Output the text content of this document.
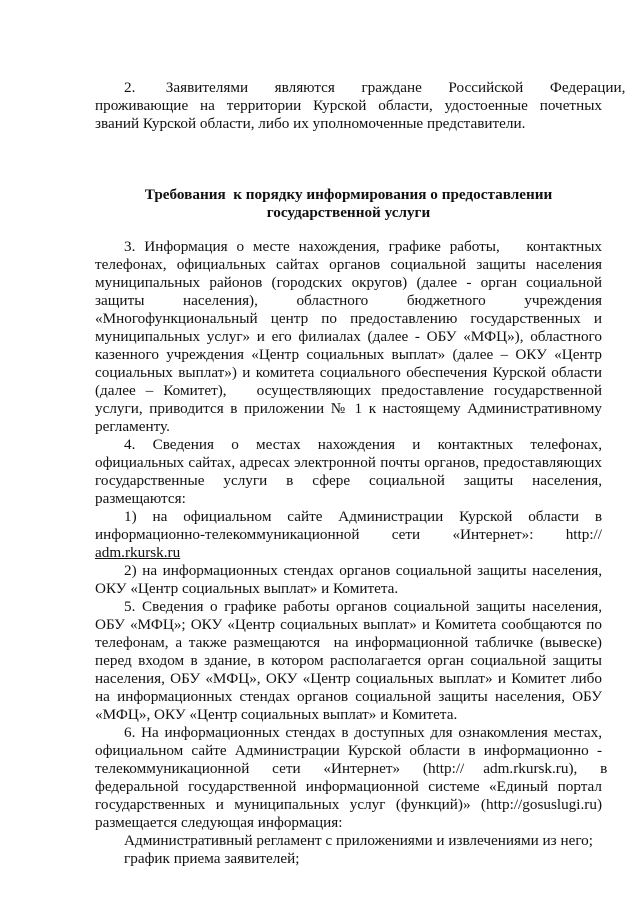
2.        Заявителями       являются       граждане       Российской       Федерации,
проживающие на территории Курской области, удостоенные почетных
званий Курской области, либо их уполномоченные представители.
Требования  к порядку информирования о предоставлении
государственной услуги
3. Информация о месте нахождения, графике работы,   контактных
телефонах, официальных сайтах органов социальной защиты населения
муниципальных районов (городских округов) (далее - орган социальной
защиты        населения),        областного        бюджетного        учреждения
«Многофункциональный центр по предоставлению государственных и
муниципальных услуг» и его филиалах (далее - ОБУ «МФЦ»), областного
казенного учреждения «Центр социальных выплат» (далее – ОКУ «Центр
социальных выплат») и комитета социального обеспечения Курской области
(далее – Комитет),   осуществляющих предоставление государственной
услуги, приводится в приложении № 1 к настоящему Административному
регламенту.
4.   Сведения   о   местах   нахождения   и   контактных   телефонах,
официальных сайтах, адресах электронной почты органов, предоставляющих
государственные    услуги    в    сфере    социальной    защиты    населения,
размещаются:
1)  на  официальном  сайте  Администрации  Курской  области  в
информационно-телекоммуникационной        сети        «Интернет»:        http://
adm.rkursk.ru
2) на информационных стендах органов социальной защиты населения,
ОКУ «Центр социальных выплат» и Комитета.
5. Сведения о графике работы органов социальной защиты населения,
ОБУ «МФЦ»; ОКУ «Центр социальных выплат» и Комитета сообщаются по
телефонам, а также размещаются  на информационной табличке (вывеске)
перед входом в здание, в котором располагается орган социальной защиты
населения, ОБУ «МФЦ», ОКУ «Центр социальных выплат» и Комитет либо
на информационных стендах органов социальной защиты населения, ОБУ
«МФЦ», ОКУ «Центр социальных выплат» и Комитета.
6. На информационных стендах в доступных для ознакомления местах,
официальном сайте Администрации Курской области в информационно -
телекоммуникационной      сети      «Интернет»      (http://     adm.rkursk.ru),      в
федеральной государственной информационной системе «Единый портал
государственных и муниципальных услуг (функций)» (http://gosuslugi.ru)
размещается следующая информация:
Административный регламент с приложениями и извлечениями из него;
график приема заявителей;
